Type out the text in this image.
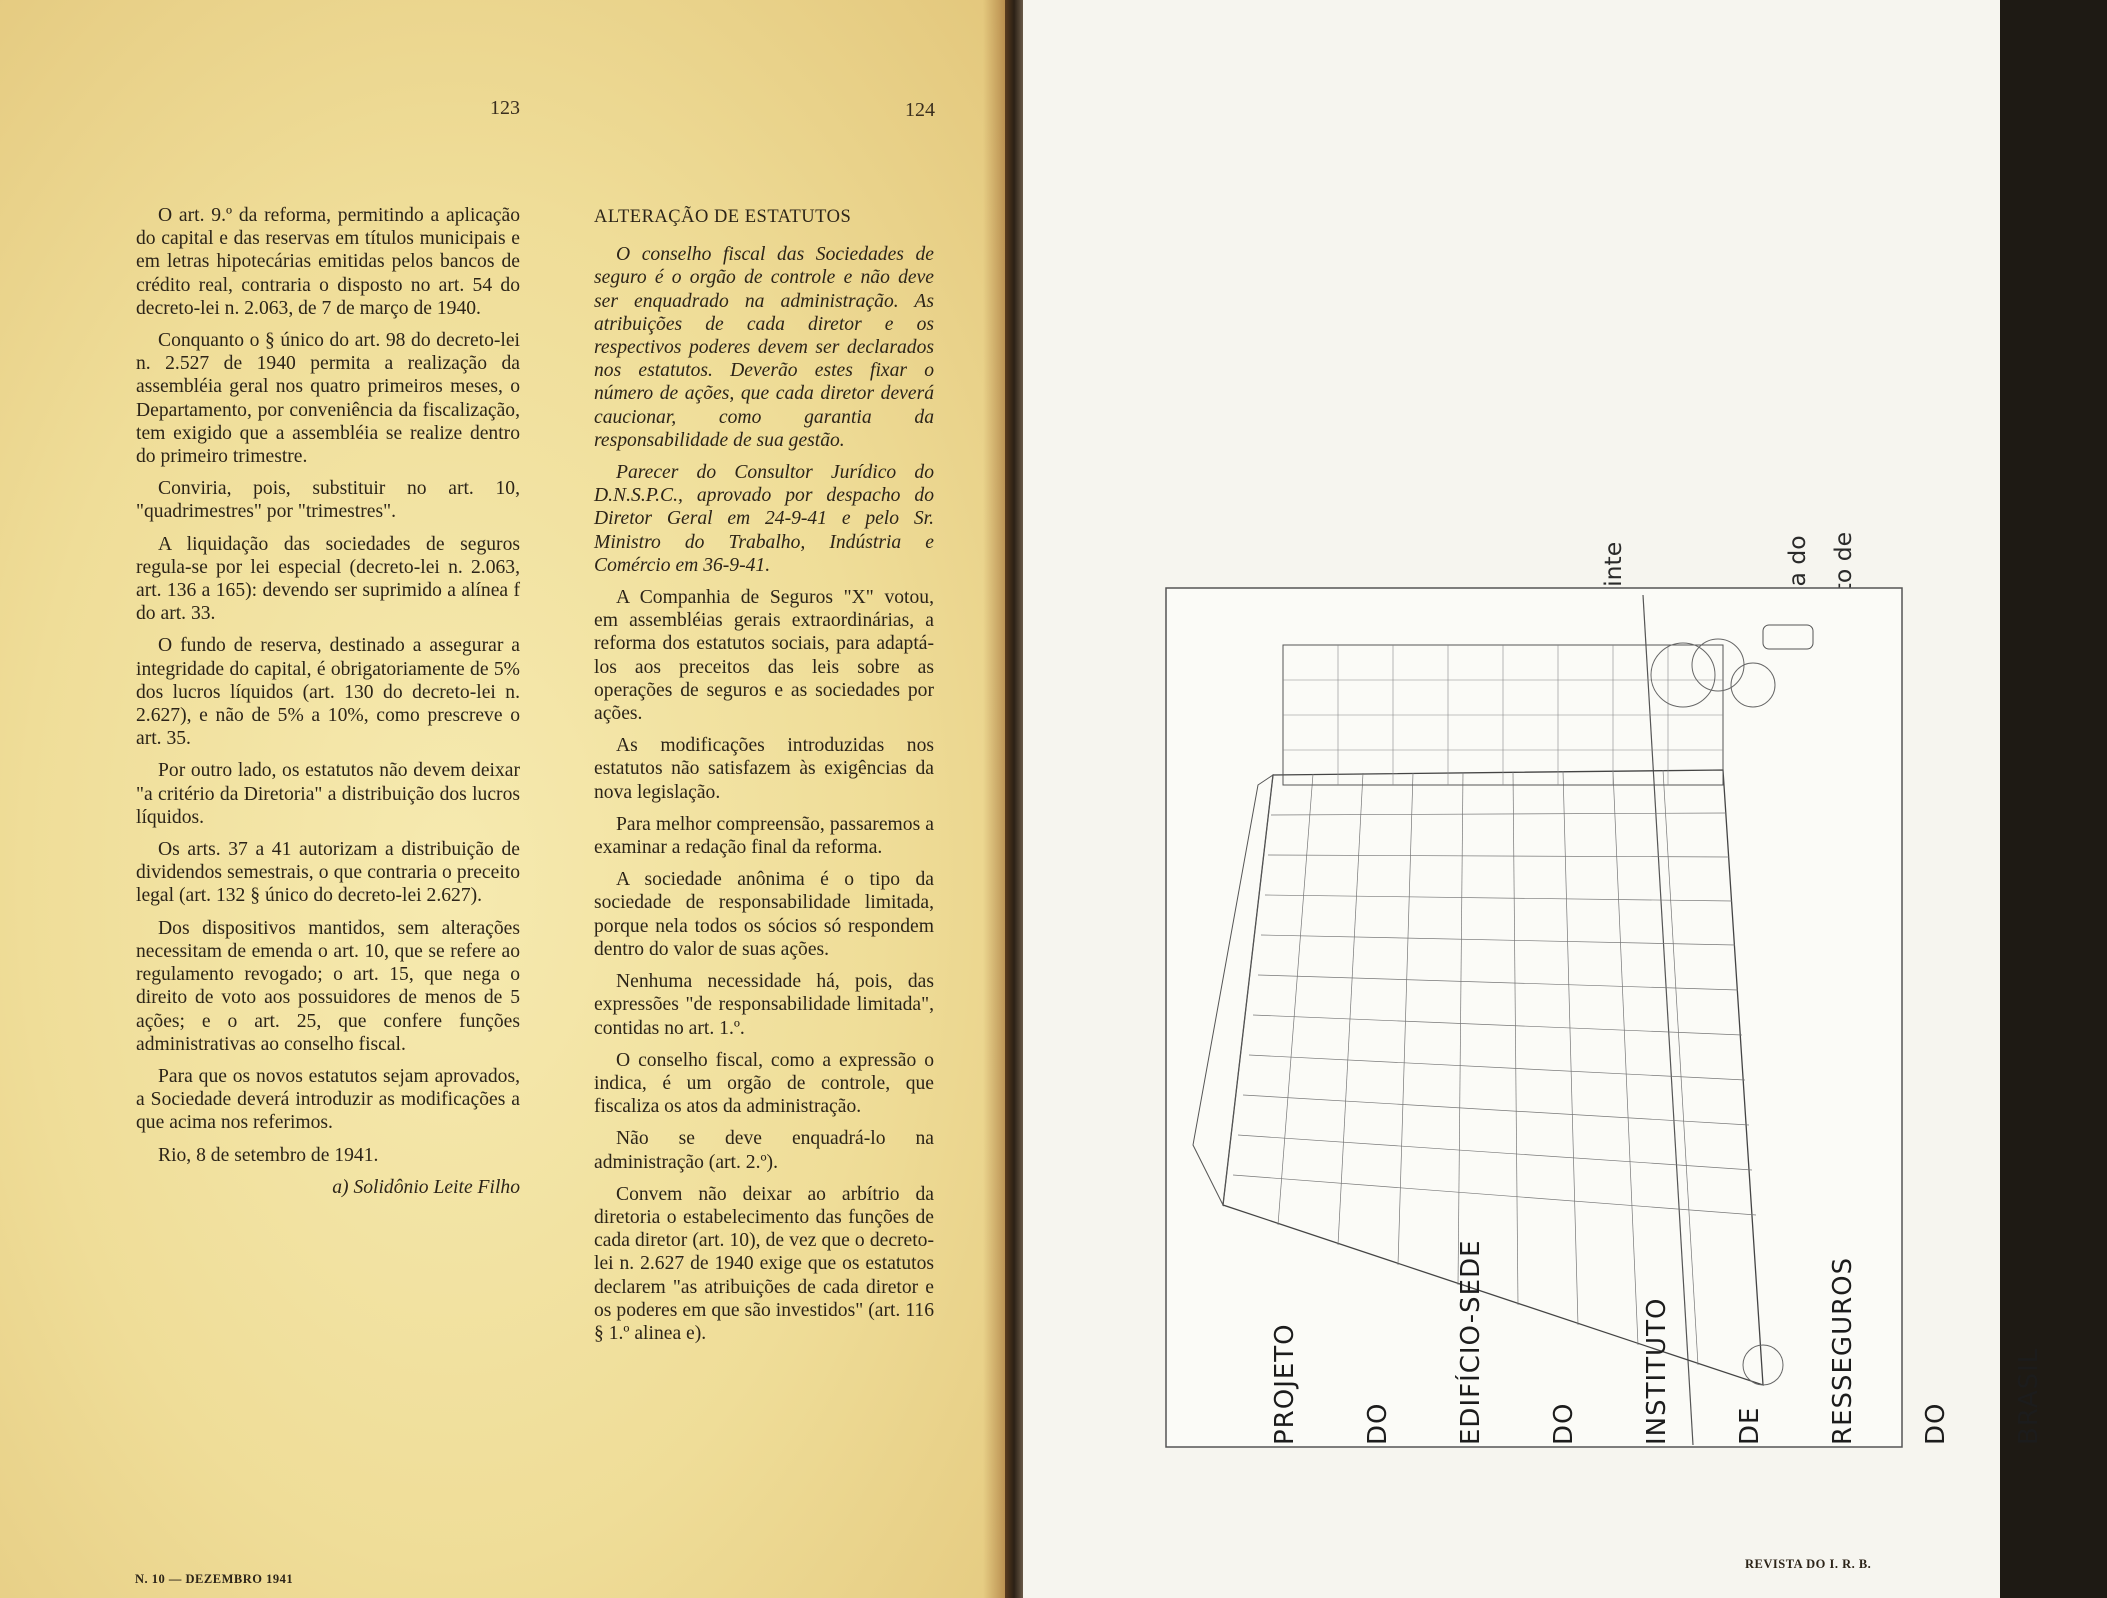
123	124

O art. 9.º da reforma, permitindo a aplicação do capital e das reservas em títulos municipais e em letras hipotecárias emitidas pelos bancos de crédito real, contraria o disposto no art. 54 do decreto-lei n. 2.063, de 7 de março de 1940.

Conquanto o § único do art. 98 do decreto-lei n. 2.527 de 1940 permita a realização da assembléia geral nos quatro primeiros meses, o Departamento, por conveniência da fiscalização, tem exigido que a assembléia se realize dentro do primeiro trimestre.

Conviria, pois, substituir no art. 10, "quadrimestres" por "trimestres".

A liquidação das sociedades de seguros regula-se por lei especial (decreto-lei n. 2.063, art. 136 a 165): devendo ser suprimido a alínea f do art. 33.

O fundo de reserva, destinado a assegurar a integridade do capital, é obrigatoriamente de 5% dos lucros líquidos (art. 130 do decreto-lei n. 2.627), e não de 5% a 10%, como prescreve o art. 35.

Por outro lado, os estatutos não devem deixar "a critério da Diretoria" a distribuição dos lucros líquidos.

Os arts. 37 a 41 autorizam a distribuição de dividendos semestrais, o que contraria o preceito legal (art. 132 § único do decreto-lei 2.627).

Dos dispositivos mantidos, sem alterações necessitam de emenda o art. 10, que se refere ao regulamento revogado; o art. 15, que nega o direito de voto aos possuidores de menos de 5 ações; e o art. 25, que confere funções administrativas ao conselho fiscal.

Para que os novos estatutos sejam aprovados, a Sociedade deverá introduzir as modificações a que acima nos referimos.

Rio, 8 de setembro de 1941.

a) Solidônio Leite Filho

ALTERAÇÃO DE ESTATUTOS

O conselho fiscal das Sociedades de seguro é o orgão de controle e não deve ser enquadrado na administração. As atribuições de cada diretor e os respectivos poderes devem ser declarados nos estatutos. Deverão estes fixar o número de ações, que cada diretor deverá caucionar, como garantia da responsabilidade de sua gestão.

Parecer do Consultor Jurídico do D.N.S.P.C., aprovado por despacho do Diretor Geral em 24-9-41 e pelo Sr. Ministro do Trabalho, Indústria e Comércio em 36-9-41.

A Companhia de Seguros "X" votou, em assembléias gerais extraordinárias, a reforma dos estatutos sociais, para adaptá-los aos preceitos das leis sobre as operações de seguros e as sociedades por ações.

As modificações introduzidas nos estatutos não satisfazem às exigências da nova legislação.

Para melhor compreensão, passaremos a examinar a redação final da reforma.

A sociedade anônima é o tipo da sociedade de responsabilidade limitada, porque nela todos os sócios só respondem dentro do valor de suas ações.

Nenhuma necessidade há, pois, das expressões "de responsabilidade limitada", contidas no art. 1.º.

O conselho fiscal, como a expressão o indica, é um orgão de controle, que fiscaliza os atos da administração.

Não se deve enquadrá-lo na administração (art. 2.º).

Convem não deixar ao arbítrio da diretoria o estabelecimento das funções de cada diretor (art. 10), de vez que o decreto-lei n. 2.627 de 1940 exige que os estatutos declarem "as atribuições de cada diretor e os poderes em que são investidos" (art. 116 § 1.º alinea e).

N. 10 — DEZEMBRO 1941

do de

PROJETO

DO

EDIFÍCIO-SEDE

DO

INSTITUTO

DE

RESSEGUROS

DO

BRASIL

REVISTA DO I. R. B.
